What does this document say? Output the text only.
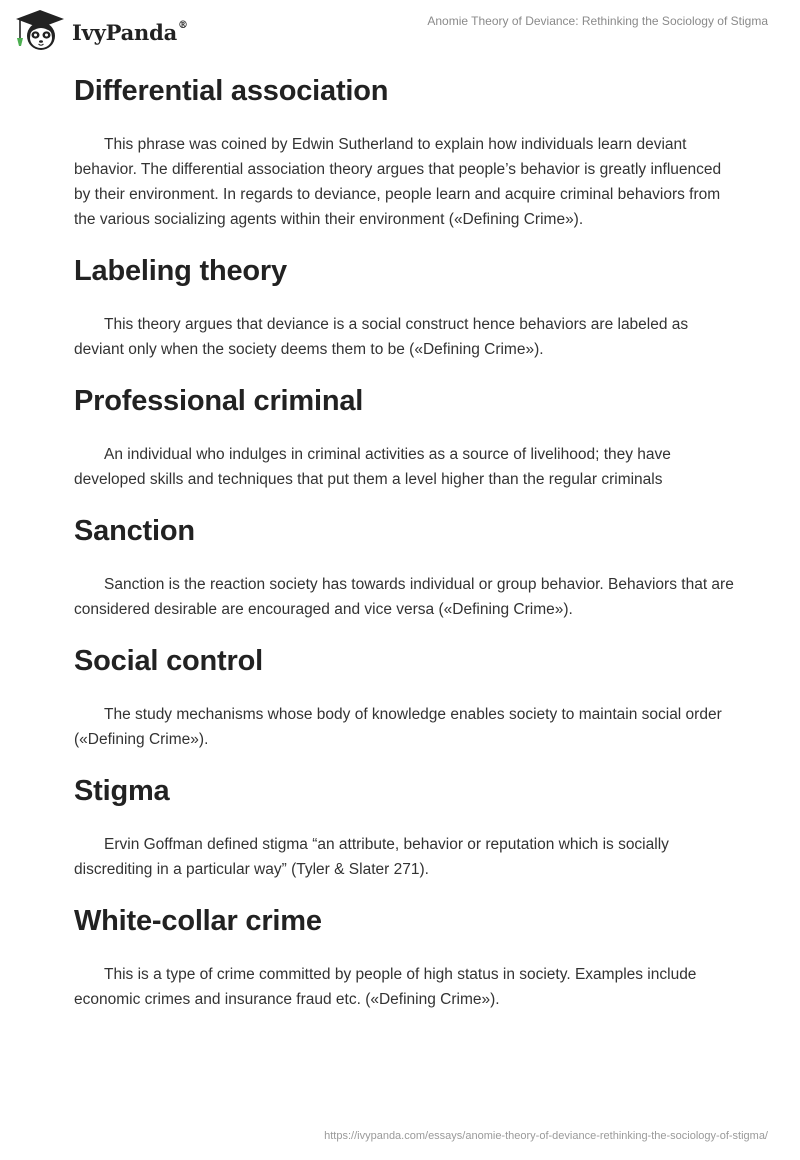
IvyPanda®	Anomie Theory of Deviance: Rethinking the Sociology of Stigma
Differential association

This phrase was coined by Edwin Sutherland to explain how individuals learn deviant behavior. The differential association theory argues that people’s behavior is greatly influenced by their environment. In regards to deviance, people learn and acquire criminal behaviors from the various socializing agents within their environment («Defining Crime»).

Labeling theory

This theory argues that deviance is a social construct hence behaviors are labeled as deviant only when the society deems them to be («Defining Crime»).

Professional criminal

An individual who indulges in criminal activities as a source of livelihood; they have developed skills and techniques that put them a level higher than the regular criminals

Sanction

Sanction is the reaction society has towards individual or group behavior. Behaviors that are considered desirable are encouraged and vice versa («Defining Crime»).

Social control

The study mechanisms whose body of knowledge enables society to maintain social order («Defining Crime»).

Stigma

Ervin Goffman defined stigma “an attribute, behavior or reputation which is socially discrediting in a particular way” (Tyler & Slater 271).

White-collar crime

This is a type of crime committed by people of high status in society. Examples include economic crimes and insurance fraud etc. («Defining Crime»).

https://ivypanda.com/essays/anomie-theory-of-deviance-rethinking-the-sociology-of-stigma/
